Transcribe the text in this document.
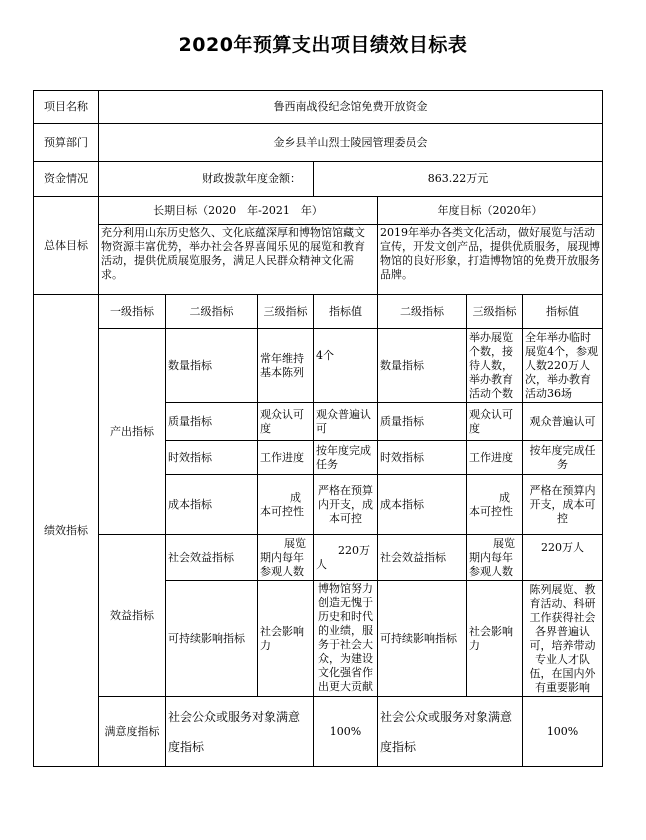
2020年预算支出项目绩效目标表
项目名称	鲁西南战役纪念馆免费开放资金						
预算部门	金乡县羊山烈士陵园管理委员会						
资金情况	财政拨款年度金额：			863.22万元			
总体目标	长期目标（2020　年-2021　年）				年度目标（2020年）		
	充分利用山东历史悠久、文化底蕴深厚和博物馆馆藏文物资源丰富优势，举办社会各界喜闻乐见的展览和教育活动，提供优质展览服务，满足人民群众精神文化需求。				2019年举办各类文化活动，做好展览与活动宣传，开发文创产品，提供优质服务，展现博物馆的良好形象，打造博物馆的免费开放服务品牌。		
绩效指标	一级指标	二级指标	三级指标	指标值	二级指标	三级指标	指标值
	产出指标	数量指标	常年维持基本陈列	4个	数量指标	举办展览个数，接待人数，举办教育活动个数	全年举办临时展览4个，参观人数220万人次，举办教育活动36场
		质量指标	观众认可度	观众普遍认可	质量指标	观众认可度	观众普遍认可
		时效指标	工作进度	按年度完成任务	时效指标	工作进度	按年度完成任务
		成本指标	成本可控性	严格在预算内开支，成本可控	成本指标	成本可控性	严格在预算内开支，成本可控
	效益指标	社会效益指标	展览期内每年参观人数	220万人	社会效益指标	展览期内每年参观人数	220万人
		可持续影响指标	社会影响力	博物馆努力创造无愧于历史和时代的业绩，服务于社会大众，为建设文化强省作出更大贡献	可持续影响指标	社会影响力	陈列展览、教育活动、科研工作获得社会各界普遍认可，培养带动专业人才队伍，在国内外有重要影响
	满意度指标	社会公众或服务对象满意度指标		100%	社会公众或服务对象满意度指标		100%
